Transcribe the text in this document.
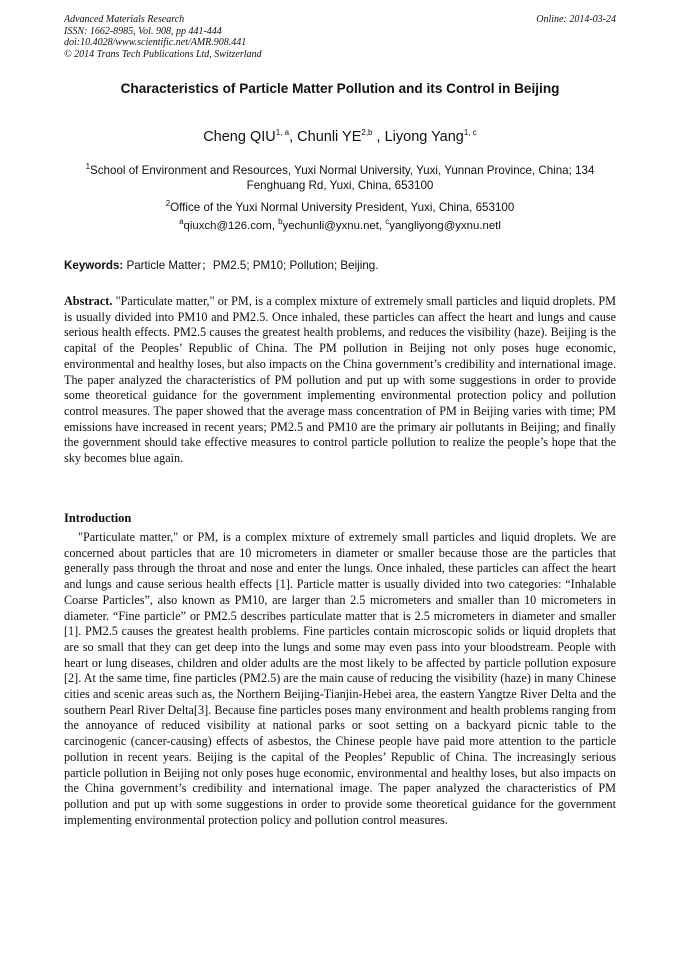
Advanced Materials Research
ISSN: 1662-8985, Vol. 908, pp 441-444
doi:10.4028/www.scientific.net/AMR.908.441
© 2014 Trans Tech Publications Ltd, Switzerland
Online: 2014-03-24
Characteristics of Particle Matter Pollution and its Control in Beijing
Cheng QIU$^{1, a}$, Chunli YE$^{2,b}$ , Liyong Yang$^{1, c}$
$^1$School of Environment and Resources, Yuxi Normal University, Yuxi, Yunnan Province, China; 134 Fenghuang Rd, Yuxi, China, 653100
$^2$Office of the Yuxi Normal University President, Yuxi, China, 653100
$^a$qiuxch@126.com, $^b$yechunli@yxnu.net, $^c$yangliyong@yxnu.netl
Keywords: Particle Matter；PM2.5; PM10; Pollution; Beijing.

Abstract. "Particulate matter," or PM, is a complex mixture of extremely small particles and liquid droplets. PM is usually divided into PM10 and PM2.5. Once inhaled, these particles can affect the heart and lungs and cause serious health effects. PM2.5 causes the greatest health problems, and reduces the visibility (haze). Beijing is the capital of the Peoples’ Republic of China. The PM pollution in Beijing not only poses huge economic, environmental and healthy loses, but also impacts on the China government’s credibility and international image. The paper analyzed the characteristics of PM pollution and put up with some suggestions in order to provide some theoretical guidance for the government implementing environmental protection policy and pollution control measures. The paper showed that the average mass concentration of PM in Beijing varies with time; PM emissions have increased in recent years; PM2.5 and PM10 are the primary air pollutants in Beijing; and finally the government should take effective measures to control particle pollution to realize the people’s hope that the sky becomes blue again.

Introduction

"Particulate matter," or PM, is a complex mixture of extremely small particles and liquid droplets. We are concerned about particles that are 10 micrometers in diameter or smaller because those are the particles that generally pass through the throat and nose and enter the lungs. Once inhaled, these particles can affect the heart and lungs and cause serious health effects [1]. Particle matter is usually divided into two categories: “Inhalable Coarse Particles”, also known as PM10, are larger than 2.5 micrometers and smaller than 10 micrometers in diameter. “Fine particle” or PM2.5 describes particulate matter that is 2.5 micrometers in diameter and smaller [1]. PM2.5 causes the greatest health problems. Fine particles contain microscopic solids or liquid droplets that are so small that they can get deep into the lungs and some may even pass into your bloodstream. People with heart or lung diseases, children and older adults are the most likely to be affected by particle pollution exposure [2]. At the same time, fine particles (PM2.5) are the main cause of reducing the visibility (haze) in many Chinese cities and scenic areas such as, the Northern Beijing-Tianjin-Hebei area, the eastern Yangtze River Delta and the southern Pearl River Delta[3]. Because fine particles poses many environment and health problems ranging from the annoyance of reduced visibility at national parks or soot setting on a backyard picnic table to the carcinogenic (cancer-causing) effects of asbestos, the Chinese people have paid more attention to the particle pollution in recent years. Beijing is the capital of the Peoples’ Republic of China. The increasingly serious particle pollution in Beijing not only poses huge economic, environmental and healthy loses, but also impacts on the China government’s credibility and international image. The paper analyzed the characteristics of PM pollution and put up with some suggestions in order to provide some theoretical guidance for the government implementing environmental protection policy and pollution control measures.
